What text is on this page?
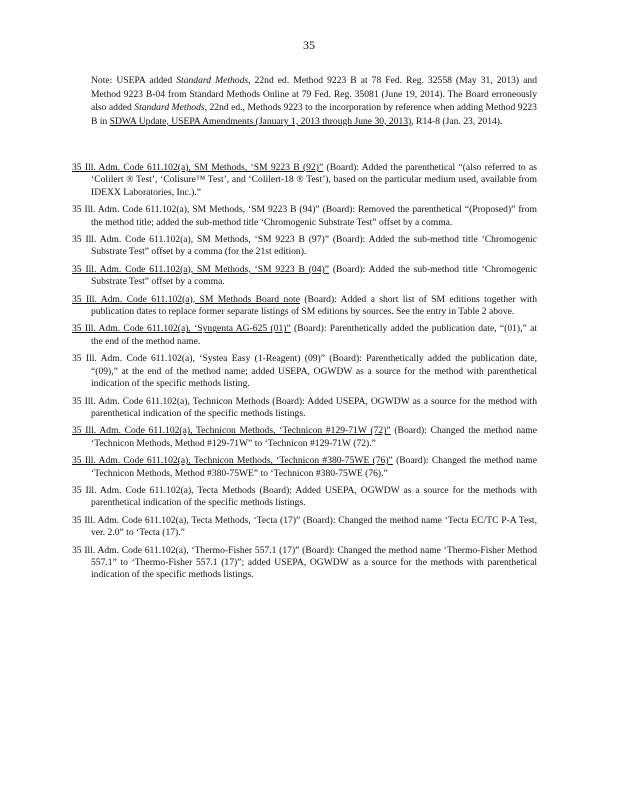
35
Note: USEPA added Standard Methods, 22nd ed. Method 9223 B at 78 Fed. Reg. 32558 (May 31, 2013) and Method 9223 B-04 from Standard Methods Online at 79 Fed. Reg. 35081 (June 19, 2014). The Board erroneously also added Standard Methods, 22nd ed., Methods 9223 to the incorporation by reference when adding Method 9223 B in SDWA Update, USEPA Amendments (January 1, 2013 through June 30, 2013), R14-8 (Jan. 23, 2014).
35 Ill. Adm. Code 611.102(a), SM Methods, ‘SM 9223 B (92)” (Board): Added the parenthetical “(also referred to as ‘Colilert ® Test’, ‘Colisure™ Test’, and ‘Colilert-18 ® Test’), based on the particular medium used, available from IDEXX Laboratories, Inc.).”
35 Ill. Adm. Code 611.102(a), SM Methods, ‘SM 9223 B (94)” (Board): Removed the parenthetical “(Proposed)” from the method title; added the sub-method title ‘Chromogenic Substrate Test” offset by a comma.
35 Ill. Adm. Code 611.102(a), SM Methods, ‘SM 9223 B (97)” (Board): Added the sub-method title ‘Chromogenic Substrate Test” offset by a comma (for the 21st edition).
35 Ill. Adm. Code 611.102(a), SM Methods, ‘SM 9223 B (04)” (Board): Added the sub-method title ‘Chromogenic Substrate Test” offset by a comma.
35 Ill. Adm. Code 611.102(a), SM Methods Board note (Board): Added a short list of SM editions together with publication dates to replace former separate listings of SM editions by sources. See the entry in Table 2 above.
35 Ill. Adm. Code 611.102(a), ‘Syngenta AG-625 (01)” (Board): Parenthetically added the publication date, “(01),” at the end of the method name.
35 Ill. Adm. Code 611.102(a), ‘Systea Easy (1-Reagent) (09)” (Board): Parenthetically added the publication date, “(09),” at the end of the method name; added USEPA, OGWDW as a source for the method with parenthetical indication of the specific methods listing.
35 Ill. Adm. Code 611.102(a), Technicon Methods (Board): Added USEPA, OGWDW as a source for the method with parenthetical indication of the specific methods listings.
35 Ill. Adm. Code 611.102(a), Technicon Methods, ‘Technicon #129-71W (72)” (Board): Changed the method name ‘Technicon Methods, Method #129-71W” to ‘Technicon #129-71W (72).”
35 Ill. Adm. Code 611.102(a), Technicon Methods, ‘Technicon #380-75WE (76)” (Board): Changed the method name ‘Technicon Methods, Method #380-75WE” to ‘Technicon #380-75WE (76).”
35 Ill. Adm. Code 611.102(a), Tecta Methods (Board): Added USEPA, OGWDW as a source for the methods with parenthetical indication of the specific methods listings.
35 Ill. Adm. Code 611.102(a), Tecta Methods, ‘Tecta (17)” (Board): Changed the method name ‘Tecta EC/TC P-A Test, ver. 2.0” to ‘Tecta (17).”
35 Ill. Adm. Code 611.102(a), ‘Thermo-Fisher 557.1 (17)” (Board): Changed the method name ‘Thermo-Fisher Method 557.1” to ‘Thermo-Fisher 557.1 (17)”; added USEPA, OGWDW as a source for the methods with parenthetical indication of the specific methods listings.
